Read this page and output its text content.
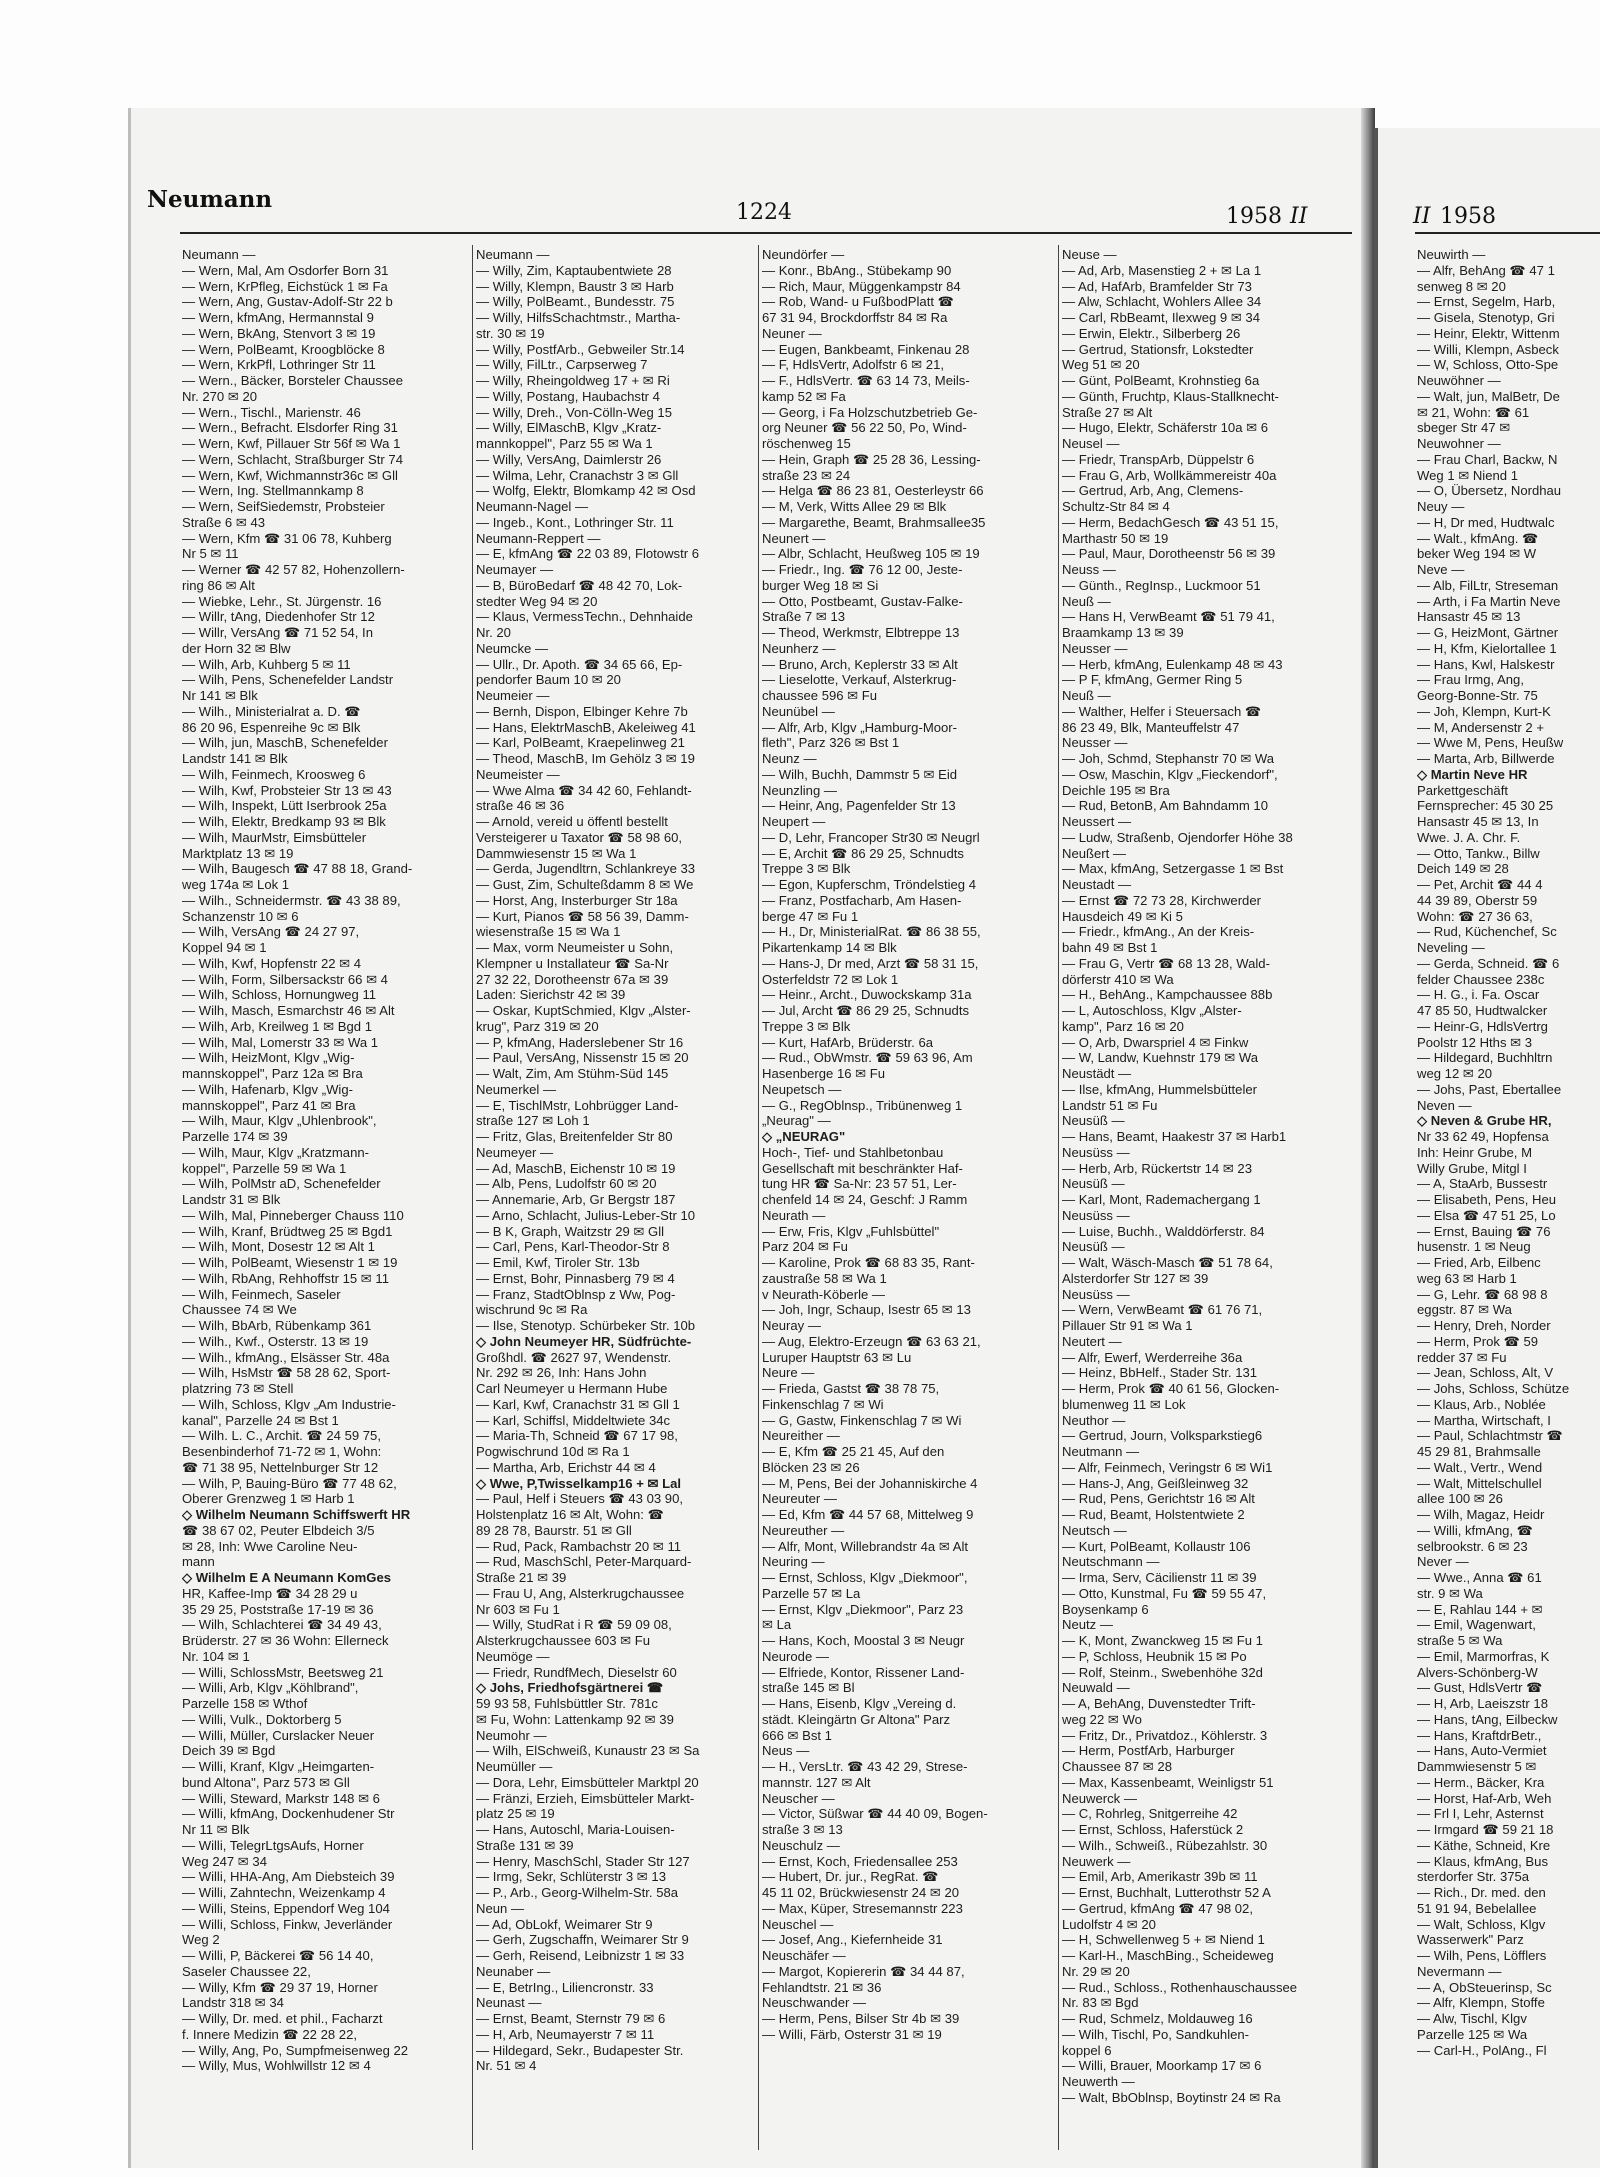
Neumann	1224	1958 II	II 1958
Neumann —
— Wern, Mal, Am Osdorfer Born 31
— Wern, KrPfleg, Eichstück 1 ✉ Fa
— Wern, Ang, Gustav-Adolf-Str 22 b
— Wern, kfmAng, Hermannstal 9
— Wern, BkAng, Stenvort 3 ✉ 19
— Wern, PolBeamt, Kroogblöcke 8
— Wern, KrkPfl, Lothringer Str 11
— Wern., Bäcker, Borsteler Chaussee
Nr. 270 ✉ 20
— Wern., Tischl., Marienstr. 46
— Wern., Befracht. Elsdorfer Ring 31
— Wern, Kwf, Pillauer Str 56f ✉ Wa 1
— Wern, Schlacht, Straßburger Str 74
— Wern, Kwf, Wichmannstr36c ✉ Gll
— Wern, Ing. Stellmannkamp 8
— Wern, SeifSiedemstr, Probsteier
Straße 6 ✉ 43
— Wern, Kfm ☎ 31 06 78, Kuhberg
Nr 5 ✉ 11
— Werner ☎ 42 57 82, Hohenzollern-
ring 86 ✉ Alt
— Wiebke, Lehr., St. Jürgenstr. 16
— Willr, tAng, Diedenhofer Str 12
— Willr, VersAng ☎ 71 52 54, In
der Horn 32 ✉ Blw
— Wilh, Arb, Kuhberg 5 ✉ 11
— Wilh, Pens, Schenefelder Landstr
Nr 141 ✉ Blk
— Wilh., Ministerialrat a. D. ☎
86 20 96, Espenreihe 9c ✉ Blk
— Wilh, jun, MaschB, Schenefelder
Landstr 141 ✉ Blk
— Wilh, Feinmech, Kroosweg 6
— Wilh, Kwf, Probsteier Str 13 ✉ 43
— Wilh, Inspekt, Lütt Iserbrook 25a
— Wilh, Elektr, Bredkamp 93 ✉ Blk
— Wilh, MaurMstr, Eimsbütteler
Marktplatz 13 ✉ 19
— Wilh, Baugesch ☎ 47 88 18, Grand-
weg 174a ✉ Lok 1
— Wilh., Schneidermstr. ☎ 43 38 89,
Schanzenstr 10 ✉ 6
— Wilh, VersAng ☎ 24 27 97,
Koppel 94 ✉ 1
— Wilh, Kwf, Hopfenstr 22 ✉ 4
— Wilh, Form, Silbersackstr 66 ✉ 4
— Wilh, Schloss, Hornungweg 11
— Wilh, Masch, Esmarchstr 46 ✉ Alt
— Wilh, Arb, Kreilweg 1 ✉ Bgd 1
— Wilh, Mal, Lomerstr 33 ✉ Wa 1
— Wilh, HeizMont, Klgv „Wig-
mannskoppel", Parz 12a ✉ Bra
— Wilh, Hafenarb, Klgv „Wig-
mannskoppel", Parz 41 ✉ Bra
— Wilh, Maur, Klgv „Uhlenbrook",
Parzelle 174 ✉ 39
— Wilh, Maur, Klgv „Kratzmann-
koppel", Parzelle 59 ✉ Wa 1
— Wilh, PolMstr aD, Schenefelder
Landstr 31 ✉ Blk
— Wilh, Mal, Pinneberger Chauss 110
— Wilh, Kranf, Brüdtweg 25 ✉ Bgd1
— Wilh, Mont, Dosestr 12 ✉ Alt 1
— Wilh, PolBeamt, Wiesenstr 1 ✉ 19
— Wilh, RbAng, Rehhoffstr 15 ✉ 11
— Wilh, Feinmech, Saseler
Chaussee 74 ✉ We
— Wilh, BbArb, Rübenkamp 361
— Wilh., Kwf., Osterstr. 13 ✉ 19
— Wilh., kfmAng., Elsässer Str. 48a
— Wilh, HsMstr ☎ 58 28 62, Sport-
platzring 73 ✉ Stell
— Wilh, Schloss, Klgv „Am Industrie-
kanal", Parzelle 24 ✉ Bst 1
— Wilh. L. C., Archit. ☎ 24 59 75,
Besenbinderhof 71-72 ✉ 1, Wohn:
☎ 71 38 95, Nettelnburger Str 12
— Wilh, P, Bauing-Büro ☎ 77 48 62,
Oberer Grenzweg 1 ✉ Harb 1
◇ Wilhelm Neumann Schiffswerft HR
☎ 38 67 02, Peuter Elbdeich 3/5
✉ 28, Inh: Wwe Caroline Neu-
mann
◇ Wilhelm E A Neumann KomGes
HR, Kaffee-Imp ☎ 34 28 29 u
35 29 25, Poststraße 17-19 ✉ 36
— Wilh, Schlachterei ☎ 34 49 43,
Brüderstr. 27 ✉ 36 Wohn: Ellerneck
Nr. 104 ✉ 1
— Willi, SchlossMstr, Beetsweg 21
— Willi, Arb, Klgv „Köhlbrand",
Parzelle 158 ✉ Wthof
— Willi, Vulk., Doktorberg 5
— Willi, Müller, Curslacker Neuer
Deich 39 ✉ Bgd
— Willi, Kranf, Klgv „Heimgarten-
bund Altona", Parz 573 ✉ Gll
— Willi, Steward, Markstr 148 ✉ 6
— Willi, kfmAng, Dockenhudener Str
Nr 11 ✉ Blk
— Willi, TelegrLtgsAufs, Horner
Weg 247 ✉ 34
— Willi, HHA-Ang, Am Diebsteich 39
— Willi, Zahntechn, Weizenkamp 4
— Willi, Steins, Eppendorf Weg 104
— Willi, Schloss, Finkw, Jeverländer
Weg 2
— Willi, P, Bäckerei ☎ 56 14 40,
Saseler Chaussee 22,
— Willy, Kfm ☎ 29 37 19, Horner
Landstr 318 ✉ 34
— Willy, Dr. med. et phil., Facharzt
f. Innere Medizin ☎ 22 28 22,
— Willy, Ang, Po, Sumpfmeisenweg 22
— Willy, Mus, Wohlwillstr 12 ✉ 4
Neumann —
— Willy, Zim, Kaptaubentwiete 28
— Willy, Klempn, Baustr 3 ✉ Harb
— Willy, PolBeamt., Bundesstr. 75
— Willy, HilfsSchachtmstr., Martha-
str. 30 ✉ 19
— Willy, PostfArb., Gebweiler Str.14
— Willy, FilLtr., Carpserweg 7
— Willy, Rheingoldweg 17 + ✉ Ri
— Willy, Postang, Haubachstr 4
— Willy, Dreh., Von-Cölln-Weg 15
— Willy, ElMaschB, Klgv „Kratz-
mannkoppel", Parz 55 ✉ Wa 1
— Willy, VersAng, Daimlerstr 26
— Wilma, Lehr, Cranachstr 3 ✉ Gll
— Wolfg, Elektr, Blomkamp 42 ✉ Osd
Neumann-Nagel —
— Ingeb., Kont., Lothringer Str. 11
Neumann-Reppert —
— E, kfmAng ☎ 22 03 89, Flotowstr 6
Neumayer —
— B, BüroBedarf ☎ 48 42 70, Lok-
stedter Weg 94 ✉ 20
— Klaus, VermessTechn., Dehnhaide
Nr. 20
Neumcke —
— Ullr., Dr. Apoth. ☎ 34 65 66, Ep-
pendorfer Baum 10 ✉ 20
Neumeier —
— Bernh, Dispon, Elbinger Kehre 7b
— Hans, ElektrMaschB, Akeleiweg 41
— Karl, PolBeamt, Kraepelinweg 21
— Theod, MaschB, Im Gehölz 3 ✉ 19
Neumeister —
— Wwe Alma ☎ 34 42 60, Fehlandt-
straße 46 ✉ 36
— Arnold, vereid u öffentl bestellt
Versteigerer u Taxator ☎ 58 98 60,
Dammwiesenstr 15 ✉ Wa 1
— Gerda, Jugendltrn, Schlankreye 33
— Gust, Zim, Schulteßdamm 8 ✉ We
— Horst, Ang, Insterburger Str 18a
— Kurt, Pianos ☎ 58 56 39, Damm-
wiesenstraße 15 ✉ Wa 1
— Max, vorm Neumeister u Sohn,
Klempner u Installateur ☎ Sa-Nr
27 32 22, Dorotheenstr 67a ✉ 39
Laden: Sierichstr 42 ✉ 39
— Oskar, KuptSchmied, Klgv „Alster-
krug", Parz 319 ✉ 20
— P, kfmAng, Haderslebener Str 16
— Paul, VersAng, Nissenstr 15 ✉ 20
— Walt, Zim, Am Stühm-Süd 145
Neumerkel —
— E, TischlMstr, Lohbrügger Land-
straße 127 ✉ Loh 1
— Fritz, Glas, Breitenfelder Str 80
Neumeyer —
— Ad, MaschB, Eichenstr 10 ✉ 19
— Alb, Pens, Ludolfstr 60 ✉ 20
— Annemarie, Arb, Gr Bergstr 187
— Arno, Schlacht, Julius-Leber-Str 10
— B K, Graph, Waitzstr 29 ✉ Gll
— Carl, Pens, Karl-Theodor-Str 8
— Emil, Kwf, Tiroler Str. 13b
— Ernst, Bohr, Pinnasberg 79 ✉ 4
— Franz, StadtOblnsp z Ww, Pog-
wischrund 9c ✉ Ra
— Ilse, Stenotyp. Schürbeker Str. 10b
◇ John Neumeyer HR, Südfrüchte-
Großhdl. ☎ 2627 97, Wendenstr.
Nr. 292 ✉ 26, Inh: Hans John
Carl Neumeyer u Hermann Hube
— Karl, Kwf, Cranachstr 31 ✉ Gll 1
— Karl, Schiffsl, Middeltwiete 34c
— Maria-Th, Schneid ☎ 67 17 98,
Pogwischrund 10d ✉ Ra 1
— Martha, Arb, Erichstr 44 ✉ 4
◇ Wwe, P,Twisselkamp16 + ✉ Lal
— Paul, Helf i Steuers ☎ 43 03 90,
Holstenplatz 16 ✉ Alt, Wohn: ☎
89 28 78, Baurstr. 51 ✉ Gll
— Rud, Pack, Rambachstr 20 ✉ 11
— Rud, MaschSchl, Peter-Marquard-
Straße 21 ✉ 39
— Frau U, Ang, Alsterkrugchaussee
Nr 603 ✉ Fu 1
— Willy, StudRat i R ☎ 59 09 08,
Alsterkrugchaussee 603 ✉ Fu
Neumöge —
— Friedr, RundfMech, Dieselstr 60
◇ Johs, Friedhofsgärtnerei ☎
59 93 58, Fuhlsbüttler Str. 781c
✉ Fu, Wohn: Lattenkamp 92 ✉ 39
Neumohr —
— Wilh, ElSchweiß, Kunaustr 23 ✉ Sa
Neumüller —
— Dora, Lehr, Eimsbütteler Marktpl 20
— Fränzi, Erzieh, Eimsbütteler Markt-
platz 25 ✉ 19
— Hans, Autoschl, Maria-Louisen-
Straße 131 ✉ 39
— Henry, MaschSchl, Stader Str 127
— Irmg, Sekr, Schlüterstr 3 ✉ 13
— P., Arb., Georg-Wilhelm-Str. 58a
Neun —
— Ad, ObLokf, Weimarer Str 9
— Gerh, Zugschaffn, Weimarer Str 9
— Gerh, Reisend, Leibnizstr 1 ✉ 33
Neunaber —
— E, BetrIng., Liliencronstr. 33
Neunast —
— Ernst, Beamt, Sternstr 79 ✉ 6
— H, Arb, Neumayerstr 7 ✉ 11
— Hildegard, Sekr., Budapester Str.
Nr. 51 ✉ 4
Neundörfer —
— Konr., BbAng., Stübekamp 90
— Rich, Maur, Müggenkampstr 84
— Rob, Wand- u FußbodPlatt ☎
67 31 94, Brockdorffstr 84 ✉ Ra
Neuner —
— Eugen, Bankbeamt, Finkenau 28
— F, HdlsVertr, Adolfstr 6 ✉ 21,
— F., HdlsVertr. ☎ 63 14 73, Meils-
kamp 52 ✉ Fa
— Georg, i Fa Holzschutzbetrieb Ge-
org Neuner ☎ 56 22 50, Po, Wind-
röschenweg 15
— Hein, Graph ☎ 25 28 36, Lessing-
straße 23 ✉ 24
— Helga ☎ 86 23 81, Oesterleystr 66
— M, Verk, Witts Allee 29 ✉ Blk
— Margarethe, Beamt, Brahmsallee35
Neunert —
— Albr, Schlacht, Heußweg 105 ✉ 19
— Friedr., Ing. ☎ 76 12 00, Jeste-
burger Weg 18 ✉ Si
— Otto, Postbeamt, Gustav-Falke-
Straße 7 ✉ 13
— Theod, Werkmstr, Elbtreppe 13
Neunherz —
— Bruno, Arch, Keplerstr 33 ✉ Alt
— Lieselotte, Verkauf, Alsterkrug-
chaussee 596 ✉ Fu
Neunübel —
— Alfr, Arb, Klgv „Hamburg-Moor-
fleth", Parz 326 ✉ Bst 1
Neunz —
— Wilh, Buchh, Dammstr 5 ✉ Eid
Neunzling —
— Heinr, Ang, Pagenfelder Str 13
Neupert —
— D, Lehr, Francoper Str30 ✉ Neugrl
— E, Archit ☎ 86 29 25, Schnudts
Treppe 3 ✉ Blk
— Egon, Kupferschm, Tröndelstieg 4
— Franz, Postfacharb, Am Hasen-
berge 47 ✉ Fu 1
— H., Dr, MinisterialRat. ☎ 86 38 55,
Pikartenkamp 14 ✉ Blk
— Hans-J, Dr med, Arzt ☎ 58 31 15,
Osterfeldstr 72 ✉ Lok 1
— Heinr., Archt., Duwockskamp 31a
— Jul, Archt ☎ 86 29 25, Schnudts
Treppe 3 ✉ Blk
— Kurt, HafArb, Brüderstr. 6a
— Rud., ObWmstr. ☎ 59 63 96, Am
Hasenberge 16 ✉ Fu
Neupetsch —
— G., RegOblnsp., Tribünenweg 1
„Neurag" —
◇ „NEURAG"
Hoch-, Tief- und Stahlbetonbau
Gesellschaft mit beschränkter Haf-
tung HR ☎ Sa-Nr: 23 57 51, Ler-
chenfeld 14 ✉ 24, Geschf: J Ramm
Neurath —
— Erw, Fris, Klgv „Fuhlsbüttel"
Parz 204 ✉ Fu
— Karoline, Prok ☎ 68 83 35, Rant-
zaustraße 58 ✉ Wa 1
v Neurath-Köberle —
— Joh, Ingr, Schaup, Isestr 65 ✉ 13
Neuray —
— Aug, Elektro-Erzeugn ☎ 63 63 21,
Luruper Hauptstr 63 ✉ Lu
Neure —
— Frieda, Gastst ☎ 38 78 75,
Finkenschlag 7 ✉ Wi
— G, Gastw, Finkenschlag 7 ✉ Wi
Neureither —
— E, Kfm ☎ 25 21 45, Auf den
Blöcken 23 ✉ 26
— M, Pens, Bei der Johanniskirche 4
Neureuter —
— Ed, Kfm ☎ 44 57 68, Mittelweg 9
Neureuther —
— Alfr, Mont, Willebrandstr 4a ✉ Alt
Neuring —
— Ernst, Schloss, Klgv „Diekmoor",
Parzelle 57 ✉ La
— Ernst, Klgv „Diekmoor", Parz 23
✉ La
— Hans, Koch, Moostal 3 ✉ Neugr
Neurode —
— Elfriede, Kontor, Rissener Land-
straße 145 ✉ Bl
— Hans, Eisenb, Klgv „Vereing d.
städt. Kleingärtn Gr Altona" Parz
666 ✉ Bst 1
Neus —
— H., VersLtr. ☎ 43 42 29, Strese-
mannstr. 127 ✉ Alt
Neuscher —
— Victor, Süßwar ☎ 44 40 09, Bogen-
straße 3 ✉ 13
Neuschulz —
— Ernst, Koch, Friedensallee 253
— Hubert, Dr. jur., RegRat. ☎
45 11 02, Brückwiesenstr 24 ✉ 20
— Max, Küper, Stresemannstr 223
Neuschel —
— Josef, Ang., Kiefernheide 31
Neuschäfer —
— Margot, Kopiererin ☎ 34 44 87,
Fehlandtstr. 21 ✉ 36
Neuschwander —
— Herm, Pens, Bilser Str 4b ✉ 39
— Willi, Färb, Osterstr 31 ✉ 19
Neuse —
— Ad, Arb, Masenstieg 2 + ✉ La 1
— Ad, HafArb, Bramfelder Str 73
— Alw, Schlacht, Wohlers Allee 34
— Carl, RbBeamt, Ilexweg 9 ✉ 34
— Erwin, Elektr., Silberberg 26
— Gertrud, Stationsfr, Lokstedter
Weg 51 ✉ 20
— Günt, PolBeamt, Krohnstieg 6a
— Günth, Fruchtp, Klaus-Stallknecht-
Straße 27 ✉ Alt
— Hugo, Elektr, Schäferstr 10a ✉ 6
Neusel —
— Friedr, TranspArb, Düppelstr 6
— Frau G, Arb, Wollkämmereistr 40a
— Gertrud, Arb, Ang, Clemens-
Schultz-Str 84 ✉ 4
— Herm, BedachGesch ☎ 43 51 15,
Marthastr 50 ✉ 19
— Paul, Maur, Dorotheenstr 56 ✉ 39
Neuss —
— Günth., RegInsp., Luckmoor 51
Neuß —
— Hans H, VerwBeamt ☎ 51 79 41,
Braamkamp 13 ✉ 39
Neusser —
— Herb, kfmAng, Eulenkamp 48 ✉ 43
— P F, kfmAng, Germer Ring 5
Neuß —
— Walther, Helfer i Steuersach ☎
86 23 49, Blk, Manteuffelstr 47
Neusser —
— Joh, Schmd, Stephanstr 70 ✉ Wa
— Osw, Maschin, Klgv „Fieckendorf",
Deichle 195 ✉ Bra
— Rud, BetonB, Am Bahndamm 10
Neussert —
— Ludw, Straßenb, Ojendorfer Höhe 38
Neußert —
— Max, kfmAng, Setzergasse 1 ✉ Bst
Neustadt —
— Ernst ☎ 72 73 28, Kirchwerder
Hausdeich 49 ✉ Ki 5
— Friedr., kfmAng., An der Kreis-
bahn 49 ✉ Bst 1
— Frau G, Vertr ☎ 68 13 28, Wald-
dörferstr 410 ✉ Wa
— H., BehAng., Kampchaussee 88b
— L, Autoschloss, Klgv „Alster-
kamp", Parz 16 ✉ 20
— O, Arb, Dwarspriel 4 ✉ Finkw
— W, Landw, Kuehnstr 179 ✉ Wa
Neustädt —
— Ilse, kfmAng, Hummelsbütteler
Landstr 51 ✉ Fu
Neusüß —
— Hans, Beamt, Haakestr 37 ✉ Harb1
Neusüss —
— Herb, Arb, Rückertstr 14 ✉ 23
Neusüß —
— Karl, Mont, Rademachergang 1
Neusüss —
— Luise, Buchh., Walddörferstr. 84
Neusüß —
— Walt, Wäsch-Masch ☎ 51 78 64,
Alsterdorfer Str 127 ✉ 39
Neusüss —
— Wern, VerwBeamt ☎ 61 76 71,
Pillauer Str 91 ✉ Wa 1
Neutert —
— Alfr, Ewerf, Werderreihe 36a
— Heinz, BbHelf., Stader Str. 131
— Herm, Prok ☎ 40 61 56, Glocken-
blumenweg 11 ✉ Lok
Neuthor —
— Gertrud, Journ, Volksparkstieg6
Neutmann —
— Alfr, Feinmech, Veringstr 6 ✉ Wi1
— Hans-J, Ang, Geißleinweg 32
— Rud, Pens, Gerichtstr 16 ✉ Alt
— Rud, Beamt, Holstentwiete 2
Neutsch —
— Kurt, PolBeamt, Kollaustr 106
Neutschmann —
— Irma, Serv, Cäcilienstr 11 ✉ 39
— Otto, Kunstmal, Fu ☎ 59 55 47,
Boysenkamp 6
Neutz —
— K, Mont, Zwanckweg 15 ✉ Fu 1
— P, Schloss, Heubnik 15 ✉ Po
— Rolf, Steinm., Swebenhöhe 32d
Neuwald —
— A, BehAng, Duvenstedter Trift-
weg 22 ✉ Wo
— Fritz, Dr., Privatdoz., Köhlerstr. 3
— Herm, PostfArb, Harburger
Chaussee 87 ✉ 28
— Max, Kassenbeamt, Weinligstr 51
Neuwerck —
— C, Rohrleg, Snitgerreihe 42
— Ernst, Schloss, Haferstück 2
— Wilh., Schweiß., Rübezahlstr. 30
Neuwerk —
— Emil, Arb, Amerikastr 39b ✉ 11
— Ernst, Buchhalt, Lutterothstr 52 A
— Gertrud, kfmAng ☎ 47 98 02,
Ludolfstr 4 ✉ 20
— H, Schwellenweg 5 + ✉ Niend 1
— Karl-H., MaschBing., Scheideweg
Nr. 29 ✉ 20
— Rud., Schloss., Rothenhauschaussee
Nr. 83 ✉ Bgd
— Rud, Schmelz, Moldauweg 16
— Wilh, Tischl, Po, Sandkuhlen-
koppel 6
— Willi, Brauer, Moorkamp 17 ✉ 6
Neuwerth —
— Walt, BbOblnsp, Boytinstr 24 ✉ Ra
Neuwirth —
— Alfr, BehAng ☎ 47 1
senweg 8 ✉ 20
— Ernst, Segelm, Harb,
— Gisela, Stenotyp, Gri
— Heinr, Elektr, Wittenm
— Willi, Klempn, Asbeck
— W, Schloss, Otto-Spe
Neuwöhner —
— Walt, jun, MalBetr, De
✉ 21, Wohn: ☎ 61
sbeger Str 47 ✉
Neuwohner —
— Frau Charl, Backw, N
Weg 1 ✉ Niend 1
— O, Übersetz, Nordhau
Neuy —
— H, Dr med, Hudtwalc
— Walt., kfmAng. ☎
beker Weg 194 ✉ W
Neve —
— Alb, FilLtr, Streseman
— Arth, i Fa Martin Neve
Hansastr 45 ✉ 13
— G, HeizMont, Gärtner
— H, Kfm, Kielortallee 1
— Hans, Kwl, Halskestr
— Frau Irmg, Ang,
Georg-Bonne-Str. 75
— Joh, Klempn, Kurt-K
— M, Andersenstr 2 +
— Wwe M, Pens, Heußw
— Marta, Arb, Billwerde
◇ Martin Neve HR
Parkettgeschäft
Fernsprecher: 45 30 25
Hansastr 45 ✉ 13, In
Wwe. J. A. Chr. F.
— Otto, Tankw., Billw
Deich 149 ✉ 28
— Pet, Archit ☎ 44 4
44 39 89, Oberstr 59
Wohn: ☎ 27 36 63,
— Rud, Küchenchef, Sc
Neveling —
— Gerda, Schneid. ☎ 6
felder Chaussee 238c
— H. G., i. Fa. Oscar
47 85 50, Hudtwalcker
— Heinr-G, HdlsVertrg
Poolstr 12 Hths ✉ 3
— Hildegard, Buchhltrn
weg 12 ✉ 20
— Johs, Past, Ebertallee
Neven —
◇ Neven & Grube HR,
Nr 33 62 49, Hopfensa
Inh: Heinr Grube, M
Willy Grube, Mitgl I
— A, StaArb, Bussestr
— Elisabeth, Pens, Heu
— Elsa ☎ 47 51 25, Lo
— Ernst, Bauing ☎ 76
husenstr. 1 ✉ Neug
— Fried, Arb, Eilbenc
weg 63 ✉ Harb 1
— G, Lehr. ☎ 68 98 8
eggstr. 87 ✉ Wa
— Henry, Dreh, Norder
— Herm, Prok ☎ 59
redder 37 ✉ Fu
— Jean, Schloss, Alt, V
— Johs, Schloss, Schütze
— Klaus, Arb., Noblée
— Martha, Wirtschaft, I
— Paul, Schlachtmstr ☎
45 29 81, Brahmsalle
— Walt., Vertr., Wend
— Walt, Mittelschullel
allee 100 ✉ 26
— Wilh, Magaz, Heidr
— Willi, kfmAng, ☎
selbrookstr. 6 ✉ 23
Never —
— Wwe., Anna ☎ 61
str. 9 ✉ Wa
— E, Rahlau 144 + ✉
— Emil, Wagenwart,
straße 5 ✉ Wa
— Emil, Marmorfras, K
Alvers-Schönberg-W
— Gust, HdlsVertr ☎
— H, Arb, Laeiszstr 18
— Hans, tAng, Eilbeckw
— Hans, KraftdrBetr.,
— Hans, Auto-Vermiet
Dammwiesenstr 5 ✉
— Herm., Bäcker, Kra
— Horst, Haf-Arb, Weh
— Frl I, Lehr, Asternst
— Irmgard ☎ 59 21 18
— Käthe, Schneid, Kre
— Klaus, kfmAng, Bus
sterdorfer Str. 375a
— Rich., Dr. med. den
51 91 94, Bebelallee
— Walt, Schloss, Klgv
Wasserwerk" Parz
— Wilh, Pens, Löfflers
Nevermann —
— A, ObSteuerinsp, Sc
— Alfr, Klempn, Stoffe
— Alw, Tischl, Klgv
Parzelle 125 ✉ Wa
— Carl-H., PolAng., Fl
